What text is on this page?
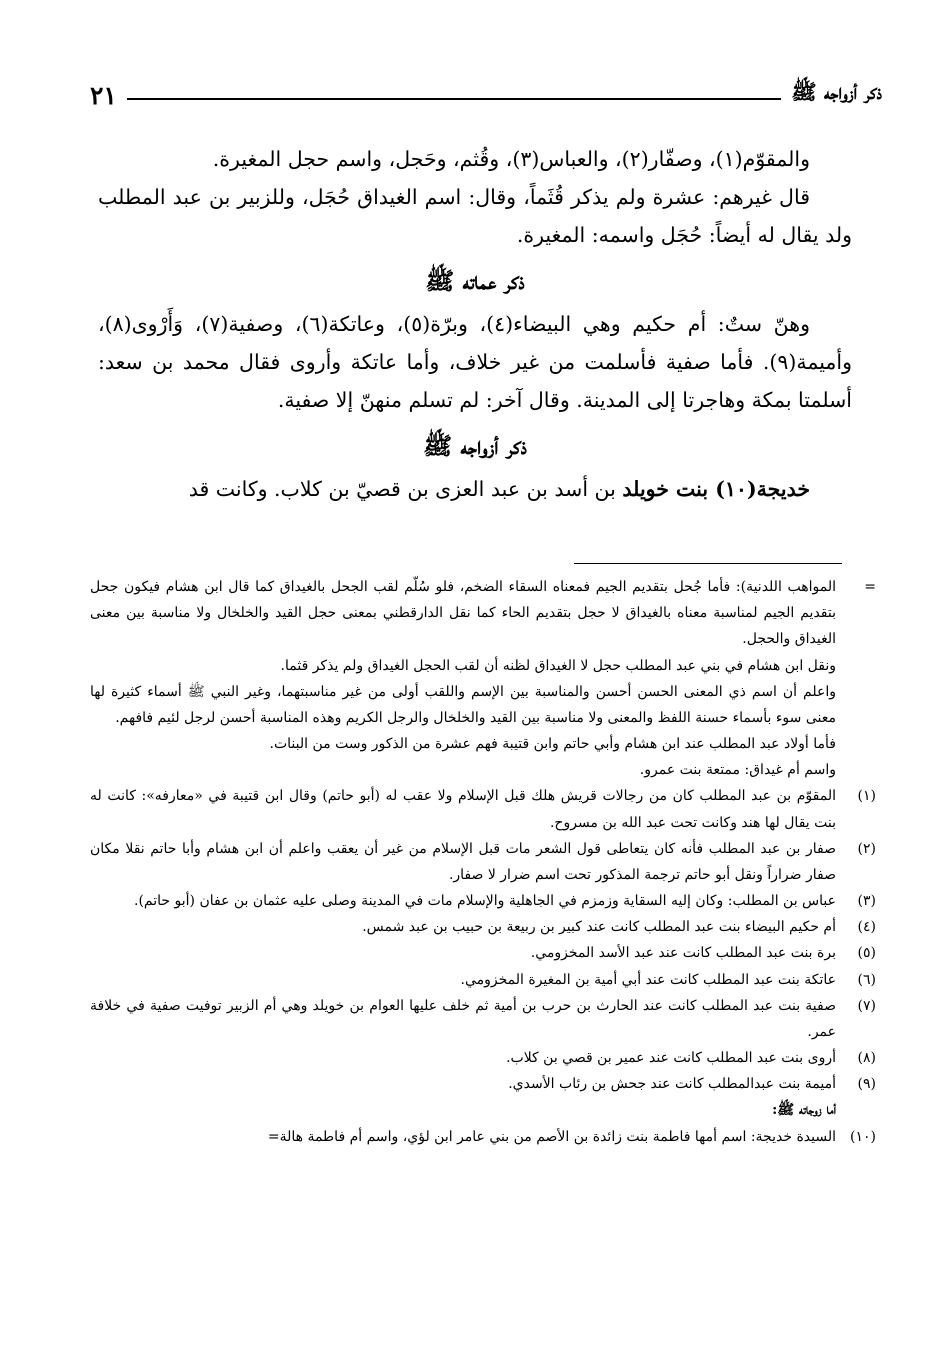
ذكر أزواجه ﷺ
٢١

والمقوّم(١)، وصفّار(٢)، والعباس(٣)، وقُثم، وحَجل، واسم حجل المغيرة.

قال غيرهم: عشرة ولم يذكر قُثَماً، وقال: اسم الغيداق حُجَل، وللزبير بن عبد المطلب ولد يقال له أيضاً: حُجَل واسمه: المغيرة.

ذكر عماته ﷺ

وهنّ ستٌ: أم حكيم وهي البيضاء(٤)، وبرّة(٥)، وعاتكة(٦)، وصفية(٧)، وَأَرْوى(٨)، وأميمة(٩). فأما صفية فأسلمت من غير خلاف، وأما عاتكة وأروى فقال محمد بن سعد: أسلمتا بمكة وهاجرتا إلى المدينة. وقال آخر: لم تسلم منهنّ إلا صفية.

ذكر أزواجه ﷺ

خديجة(١٠) بنت خويلد بن أسد بن عبد العزى بن قصيّ بن كلاب. وكانت قد

=
المواهب اللدنية): فأما جُحل بتقديم الجيم فمعناه السقاء الضخم، فلو سُلّم لقب الجحل بالغيداق كما قال ابن هشام فيكون جحل بتقديم الجيم لمناسبة معناه بالغيداق لا حجل بتقديم الحاء كما نقل الدارقطني بمعنى حجل القيد والخلخال ولا مناسبة بين معنى الغيداق والحجل.
ونقل ابن هشام في بني عبد المطلب حجل لا الغيداق لظنه أن لقب الحجل الغيداق ولم يذكر قثما.
واعلم أن اسم ذي المعنى الحسن أحسن والمناسبة بين الإسم واللقب أولى من غير مناسبتهما، وغير النبي ﷺ أسماء كثيرة لها معنى سوء بأسماء حسنة اللفظ والمعنى ولا مناسبة بين القيد والخلخال والرجل الكريم وهذه المناسبة أحسن لرجل لئيم فافهم.
فأما أولاد عبد المطلب عند ابن هشام وأبي حاتم وابن قتيبة فهم عشرة من الذكور وست من البنات.
واسم أم غيداق: ممتعة بنت عمرو.
(١)
المقوّم بن عبد المطلب كان من رجالات قريش هلك قبل الإسلام ولا عقب له (أبو حاتم) وقال ابن قتيبة في «معارفه»: كانت له بنت يقال لها هند وكانت تحت عبد الله بن مسروح.
(٢)
صفار بن عبد المطلب فأنه كان يتعاطى قول الشعر مات قبل الإسلام من غير أن يعقب واعلم أن ابن هشام وأبا حاتم نقلا مكان صفار ضراراً ونقل أبو حاتم ترجمة المذكور تحت اسم ضرار لا صفار.
(٣)
عباس بن المطلب: وكان إليه السقاية وزمزم في الجاهلية والإسلام مات في المدينة وصلى عليه عثمان بن عفان (أبو حاتم).
(٤)
أم حكيم البيضاء بنت عبد المطلب كانت عند كبير بن ربيعة بن حبيب بن عبد شمس.
(٥)
برة بنت عبد المطلب كانت عند عبد الأسد المخزومي.
(٦)
عاتكة بنت عبد المطلب كانت عند أبي أمية بن المغيرة المخزومي.
(٧)
صفية بنت عبد المطلب كانت عند الحارث بن حرب بن أمية ثم خلف عليها العوام بن خويلد وهي أم الزبير توفيت صفية في خلافة عمر.
(٨)
أروى بنت عبد المطلب كانت عند عمير بن قصي بن كلاب.
(٩)
أميمة بنت عبدالمطلب كانت عند جحش بن رئاب الأسدي.
أما زوجاته ﷺ:
(١٠)
السيدة خديجة: اسم أمها فاطمة بنت زائدة بن الأصم من بني عامر ابن لؤي، واسم أم فاطمة هالة=
